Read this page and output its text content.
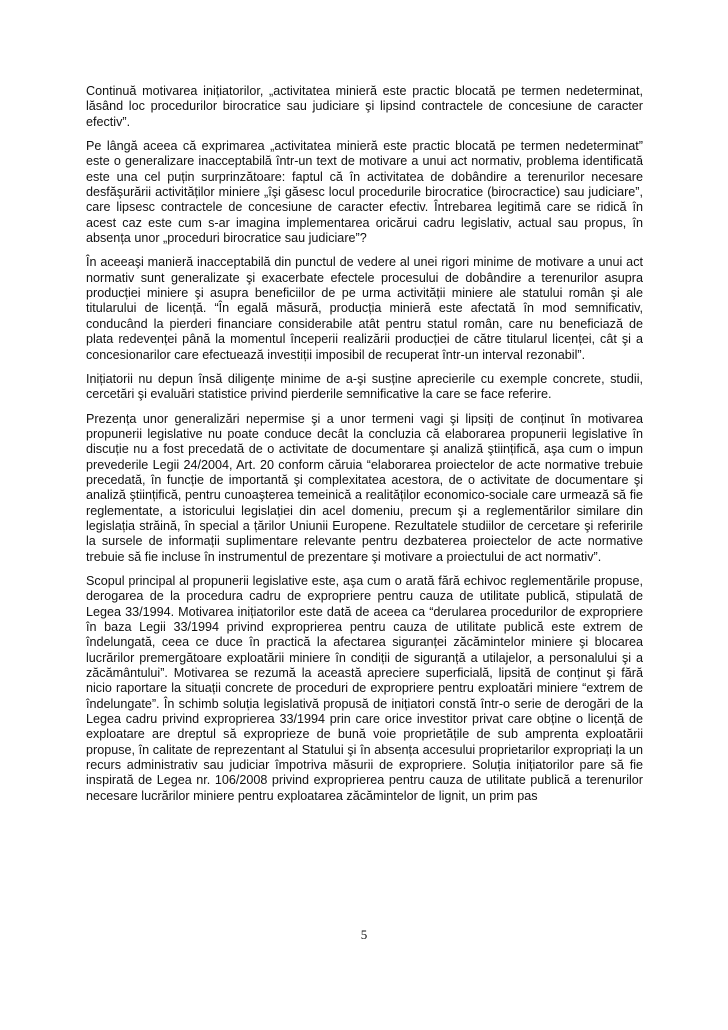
Continuă motivarea inițiatorilor, „activitatea minieră este practic blocată pe termen nedeterminat, lăsând loc procedurilor birocratice sau judiciare şi lipsind contractele de concesiune de caracter efectiv”.

Pe lângă aceea că exprimarea „activitatea minieră este practic blocată pe termen nedeterminat” este o generalizare inacceptabilă într-un text de motivare a unui act normativ, problema identificată este una cel puțin surprinzătoare: faptul că în activitatea de dobândire a terenurilor necesare desfăşurării activităților miniere „îşi găsesc locul procedurile birocratice (birocractice) sau judiciare”, care lipsesc contractele de concesiune de caracter efectiv. Întrebarea legitimă care se ridică în acest caz este cum s-ar imagina implementarea oricărui cadru legislativ, actual sau propus, în absența unor „proceduri birocratice sau judiciare”?

În aceeaşi manieră inacceptabilă din punctul de vedere al unei rigori minime de motivare a unui act normativ sunt generalizate şi exacerbate efectele procesului de dobândire a terenurilor asupra producției miniere şi asupra beneficiilor de pe urma activității miniere ale statului român şi ale titularului de licență. “În egală măsură, producția minieră este afectată în mod semnificativ, conducând la pierderi financiare considerabile atât pentru statul român, care nu beneficiază de plata redevenței până la momentul începerii realizării producției de către titularul licenței, cât şi a concesionarilor care efectuează investiții imposibil de recuperat într-un interval rezonabil”.

Inițiatorii nu depun însă diligențe minime de a-şi susține aprecierile cu exemple concrete, studii, cercetări şi evaluări statistice privind pierderile semnificative la care se face referire.

Prezența unor generalizări nepermise şi a unor termeni vagi şi lipsiți de conținut în motivarea propunerii legislative nu poate conduce decât la concluzia că elaborarea propunerii legislative în discuție nu a fost precedată de o activitate de documentare şi analiză ştiințifică, aşa cum o impun prevederile Legii 24/2004, Art. 20 conform căruia “elaborarea proiectelor de acte normative trebuie precedată, în funcție de importantă şi complexitatea acestora, de o activitate de documentare şi analiză ştiințifică, pentru cunoaşterea temeinică a realităților economico-sociale care urmează să fie reglementate, a istoricului legislației din acel domeniu, precum şi a reglementărilor similare din legislația străină, în special a țărilor Uniunii Europene. Rezultatele studiilor de cercetare şi referirile la sursele de informații suplimentare relevante pentru dezbaterea proiectelor de acte normative trebuie să fie incluse în instrumentul de prezentare şi motivare a proiectului de act normativ”.

Scopul principal al propunerii legislative este, aşa cum o arată fără echivoc reglementările propuse, derogarea de la procedura cadru de expropriere pentru cauza de utilitate publică, stipulată de Legea 33/1994. Motivarea inițiatorilor este dată de aceea ca “derularea procedurilor de expropriere în baza Legii 33/1994 privind exproprierea pentru cauza de utilitate publică este extrem de îndelungată, ceea ce duce în practică la afectarea siguranței zăcămintelor miniere şi blocarea lucrărilor premergătoare exploatării miniere în condiții de siguranță a utilajelor, a personalului şi a zăcământului”. Motivarea se rezumă la această apreciere superficială, lipsită de conținut şi fără nicio raportare la situații concrete de proceduri de expropriere pentru exploatări miniere “extrem de îndelungate”. În schimb soluția legislativă propusă de inițiatori constă într-o serie de derogări de la Legea cadru privind exproprierea 33/1994 prin care orice investitor privat care obține o licență de exploatare are dreptul să exproprieze de bună voie proprietățile de sub amprenta exploatării propuse, în calitate de reprezentant al Statului şi în absența accesului proprietarilor expropriați la un recurs administrativ sau judiciar împotriva măsurii de expropriere. Soluția inițiatorilor pare să fie inspirată de Legea nr. 106/2008 privind exproprierea pentru cauza de utilitate publică a terenurilor necesare lucrărilor miniere pentru exploatarea zăcămintelor de lignit, un prim pas

5
